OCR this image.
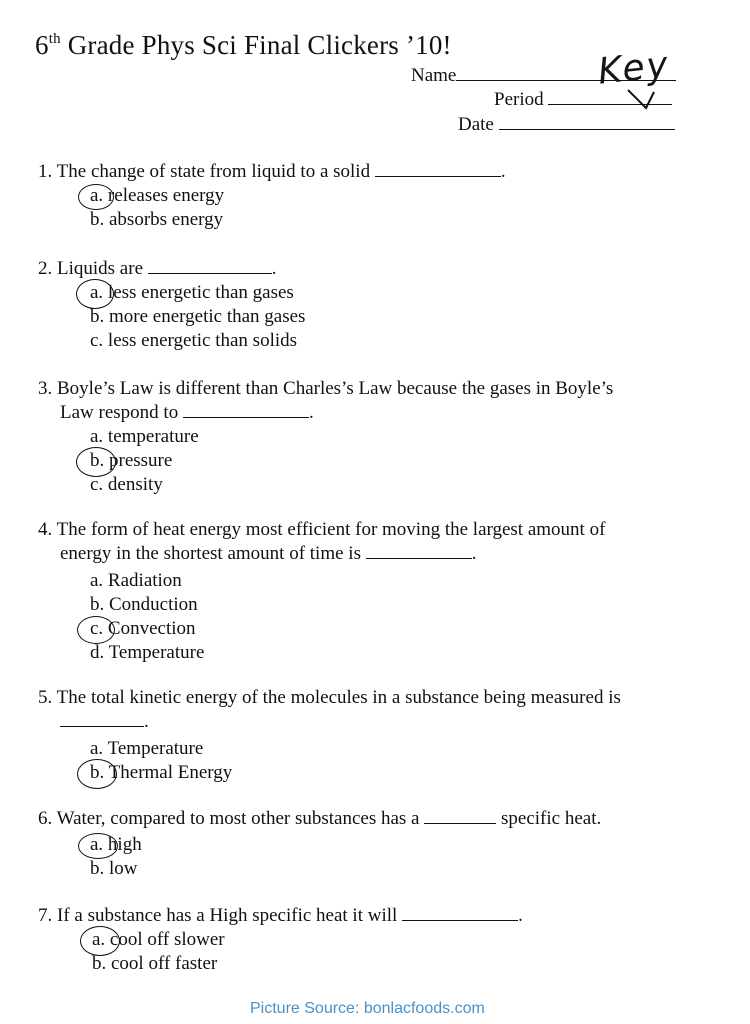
6th Grade Phys Sci Final Clickers ’10!
Name	Key
Period
Date
1. The change of state from liquid to a solid	.
a. releases energy
b. absorbs energy
2. Liquids are	.
a. less energetic than gases
b. more energetic than gases
c. less energetic than solids
3. Boyle’s Law is different than Charles’s Law because the gases in Boyle’s
Law respond to	.
a. temperature
b. pressure
c. density
4. The form of heat energy most efficient for moving the largest amount of
energy in the shortest amount of time is	.
a. Radiation
b. Conduction
c. Convection
d. Temperature
5. The total kinetic energy of the molecules in a substance being measured is
.
a. Temperature
b. Thermal Energy
6. Water, compared to most other substances has a	specific heat.
a. high
b. low
7. If a substance has a High specific heat it will	.
a. cool off slower
b. cool off faster
Picture Source: bonlacfoods.com
